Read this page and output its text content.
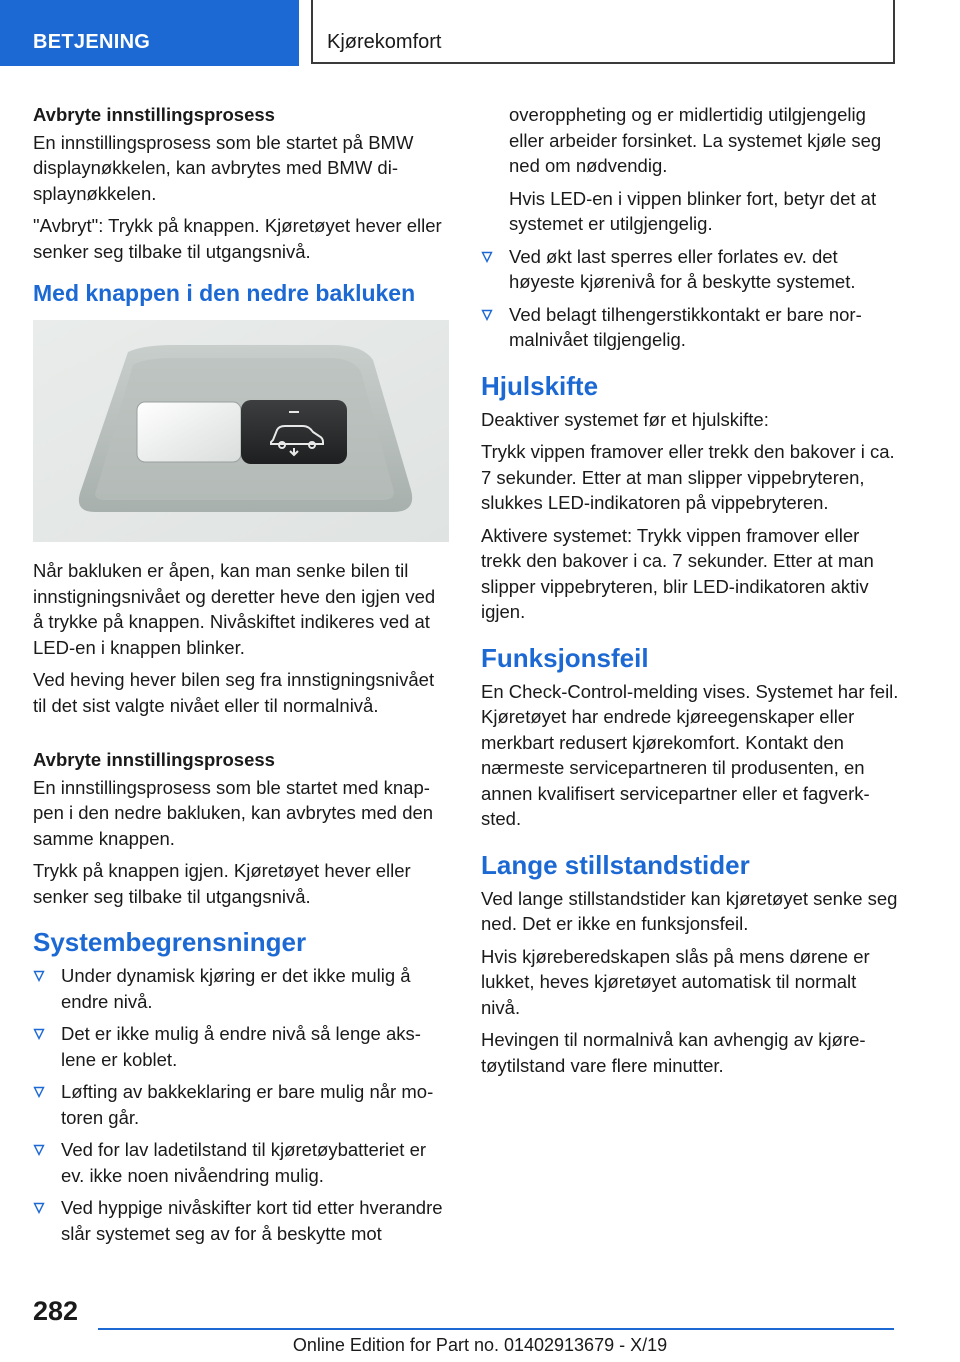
BETJENING	Kjørekomfort

Avbryte innstillingsprosess

En innstillingsprosess som ble startet på BMW displaynøkkelen, kan avbrytes med BMW displaynøkkelen.

"Avbryt": Trykk på knappen. Kjøretøyet hever eller senker seg tilbake til utgangsnivå.

Med knappen i den nedre bakluken

Når bakluken er åpen, kan man senke bilen til innstigningsnivået og deretter heve den igjen ved å trykke på knappen. Nivåskiftet indikeres ved at LED-en i knappen blinker.

Ved heving hever bilen seg fra innstigningsnivået til det sist valgte nivået eller til normalnivå.

Avbryte innstillingsprosess

En innstillingsprosess som ble startet med knappen i den nedre bakluken, kan avbrytes med den samme knappen.

Trykk på knappen igjen. Kjøretøyet hever eller senker seg tilbake til utgangsnivå.

Systembegrensninger
Under dynamisk kjøring er det ikke mulig å endre nivå.
Det er ikke mulig å endre nivå så lenge akslene er koblet.
Løfting av bakkeklaring er bare mulig når motoren går.
Ved for lav ladetilstand til kjøretøybatteriet er ev. ikke noen nivåendring mulig.
Ved hyppige nivåskifter kort tid etter hverandre slår systemet seg av for å beskytte mot

overoppheting og er midlertidig utilgjengelig eller arbeider forsinket. La systemet kjøle seg ned om nødvendig.

Hvis LED-en i vippen blinker fort, betyr det at systemet er utilgjengelig.

Ved økt last sperres eller forlates ev. det høyeste kjørenivå for å beskytte systemet.
Ved belagt tilhengerstikkontakt er bare normalnivået tilgjengelig.
Hjulskifte

Deaktiver systemet før et hjulskifte:

Trykk vippen framover eller trekk den bakover i ca. 7 sekunder. Etter at man slipper vippebryteren, slukkes LED-indikatoren på vippebryteren.

Aktivere systemet: Trykk vippen framover eller trekk den bakover i ca. 7 sekunder. Etter at man slipper vippebryteren, blir LED-indikatoren aktiv igjen.

Funksjonsfeil

En Check-Control-melding vises. Systemet har feil. Kjøretøyet har endrede kjøreegenskaper eller merkbart redusert kjørekomfort. Kontakt den nærmeste servicepartneren til produsenten, en annen kvalifisert servicepartner eller et fagverksted.

Lange stillstandstider

Ved lange stillstandstider kan kjøretøyet senke seg ned. Det er ikke en funksjonsfeil.

Hvis kjøreberedskapen slås på mens dørene er lukket, heves kjøretøyet automatisk til normalt nivå.

Hevingen til normalnivå kan avhengig av kjøretøytilstand vare flere minutter.

282
Online Edition for Part no. 01402913679 - X/19
